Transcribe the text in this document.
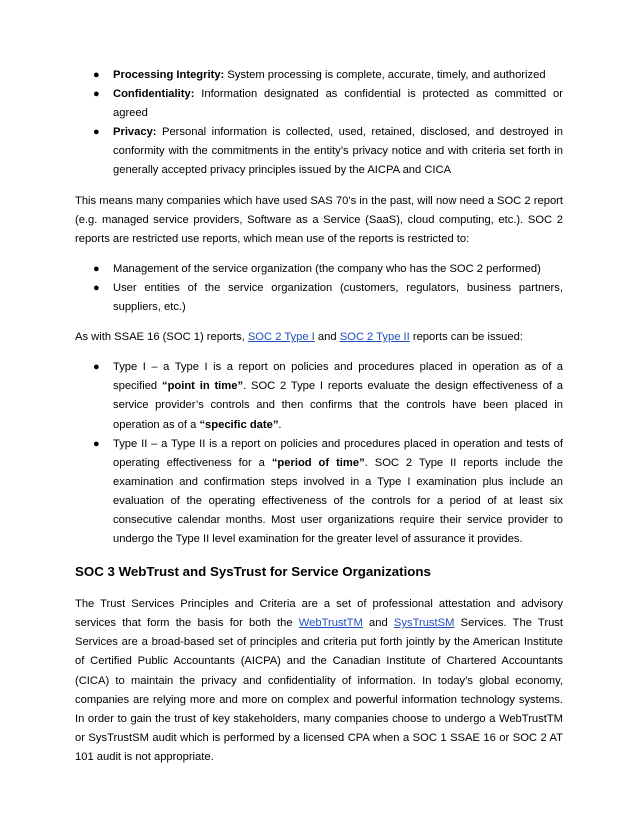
● Processing Integrity: System processing is complete, accurate, timely, and authorized
● Confidentiality: Information designated as confidential is protected as committed or agreed
● Privacy: Personal information is collected, used, retained, disclosed, and destroyed in conformity with the commitments in the entity’s privacy notice and with criteria set forth in generally accepted privacy principles issued by the AICPA and CICA

This means many companies which have used SAS 70’s in the past, will now need a SOC 2 report (e.g. managed service providers, Software as a Service (SaaS), cloud computing, etc.). SOC 2 reports are restricted use reports, which mean use of the reports is restricted to:

● Management of the service organization (the company who has the SOC 2 performed)
● User entities of the service organization (customers, regulators, business partners, suppliers, etc.)

As with SSAE 16 (SOC 1) reports, SOC 2 Type I and SOC 2 Type II reports can be issued:

● Type I – a Type I is a report on policies and procedures placed in operation as of a specified “point in time”. SOC 2 Type I reports evaluate the design effectiveness of a service provider’s controls and then confirms that the controls have been placed in operation as of a “specific date”.
● Type II – a Type II is a report on policies and procedures placed in operation and tests of operating effectiveness for a “period of time”. SOC 2 Type II reports include the examination and confirmation steps involved in a Type I examination plus include an evaluation of the operating effectiveness of the controls for a period of at least six consecutive calendar months. Most user organizations require their service provider to undergo the Type II level examination for the greater level of assurance it provides.
SOC 3 WebTrust and SysTrust for Service Organizations

The Trust Services Principles and Criteria are a set of professional attestation and advisory services that form the basis for both the WebTrustTM and SysTrustSM Services. The Trust Services are a broad-based set of principles and criteria put forth jointly by the American Institute of Certified Public Accountants (AICPA) and the Canadian Institute of Chartered Accountants (CICA) to maintain the privacy and confidentiality of information. In today’s global economy, companies are relying more and more on complex and powerful information technology systems. In order to gain the trust of key stakeholders, many companies choose to undergo a WebTrustTM or SysTrustSM audit which is performed by a licensed CPA when a SOC 1 SSAE 16 or SOC 2 AT 101 audit is not appropriate.
